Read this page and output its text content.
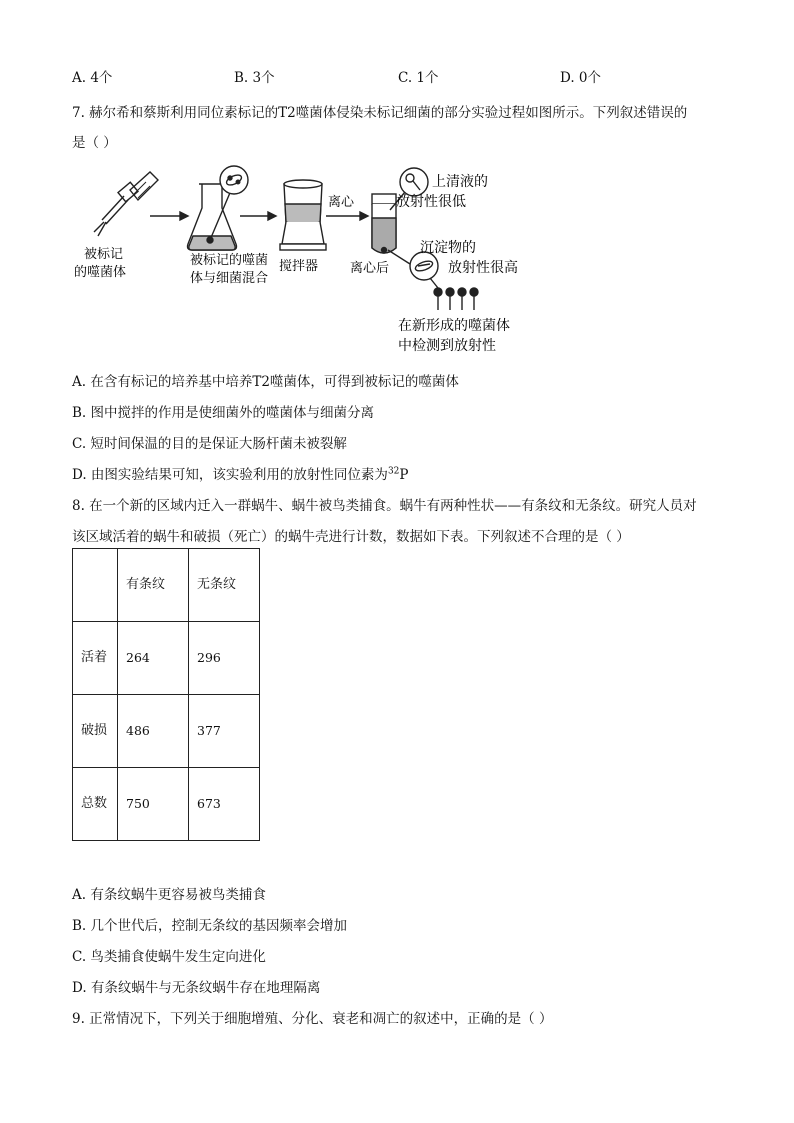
A. 4个	B. 3个	C. 1个	D. 0个
7. 赫尔希和蔡斯利用同位素标记的T2噬菌体侵染未标记细菌的部分实验过程如图所示。下列叙述错误的
是（ ）
被标记
的噬菌体
被标记的噬菌
体与细菌混合
搅拌器
离心
离心后
上清液的
放射性很低
沉淀物的
放射性很高
在新形成的噬菌体
中检测到放射性
A. 在含有标记的培养基中培养T2噬菌体，可得到被标记的噬菌体
B. 图中搅拌的作用是使细菌外的噬菌体与细菌分离
C. 短时间保温的目的是保证大肠杆菌未被裂解
D. 由图实验结果可知，该实验利用的放射性同位素为$^{32}$P
8. 在一个新的区域内迁入一群蜗牛、蜗牛被鸟类捕食。蜗牛有两种性状——有条纹和无条纹。研究人员对
该区域活着的蜗牛和破损（死亡）的蜗牛壳进行计数，数据如下表。下列叙述不合理的是（ ）
	有条纹	无条纹
活着	264	296
破损	486	377
总数	750	673
A. 有条纹蜗牛更容易被鸟类捕食
B. 几个世代后，控制无条纹的基因频率会增加
C. 鸟类捕食使蜗牛发生定向进化
D. 有条纹蜗牛与无条纹蜗牛存在地理隔离
9. 正常情况下，下列关于细胞增殖、分化、衰老和凋亡的叙述中，正确的是（ ）
